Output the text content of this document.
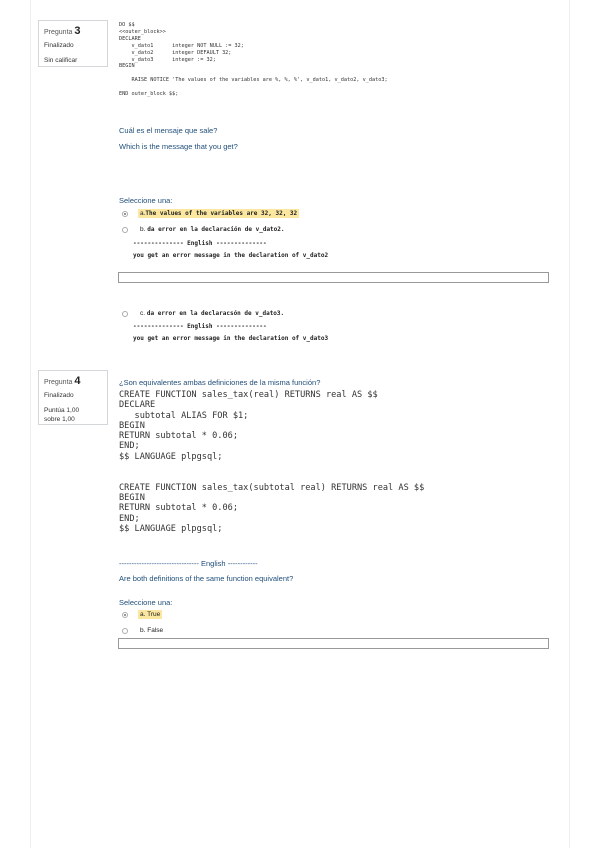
Pregunta 3
Finalizado
Sin calificar
DO $$
<<outer_block>>
DECLARE
v_dato1      integer NOT NULL := 32;
v_dato2      integer DEFAULT 32;
v_dato3      integer := 32;
BEGIN

RAISE NOTICE 'The values of the variables are %, %, %', v_dato1, v_dato2, v_dato3;

END outer_block $$;
Cuál es el mensaje que sale?
Which is the message that you get?
Seleccione una:
a.The values of the variables are 32, 32, 32
b. da error en la declaración de v_dato2.
-------------- English --------------
you get an error message in the declaration of v_dato2
c. da error en la declaracsón de v_dato3.
-------------- English --------------
you get an error message in the declaration of v_dato3
Pregunta 4
Finalizado
Puntúa 1,00 sobre 1,00
¿Son equivalentes ambas definiciones de la misma función?
CREATE FUNCTION sales_tax(real) RETURNS real AS $$
DECLARE
subtotal ALIAS FOR $1;
BEGIN
RETURN subtotal * 0.06;
END;
$$ LANGUAGE plpgsql;

CREATE FUNCTION sales_tax(subtotal real) RETURNS real AS $$
BEGIN
RETURN subtotal * 0.06;
END;
$$ LANGUAGE plpgsql;
-------------------------------- English ------------
Are both definitions of the same function equivalent?
Seleccione una:
a. True
b. False
